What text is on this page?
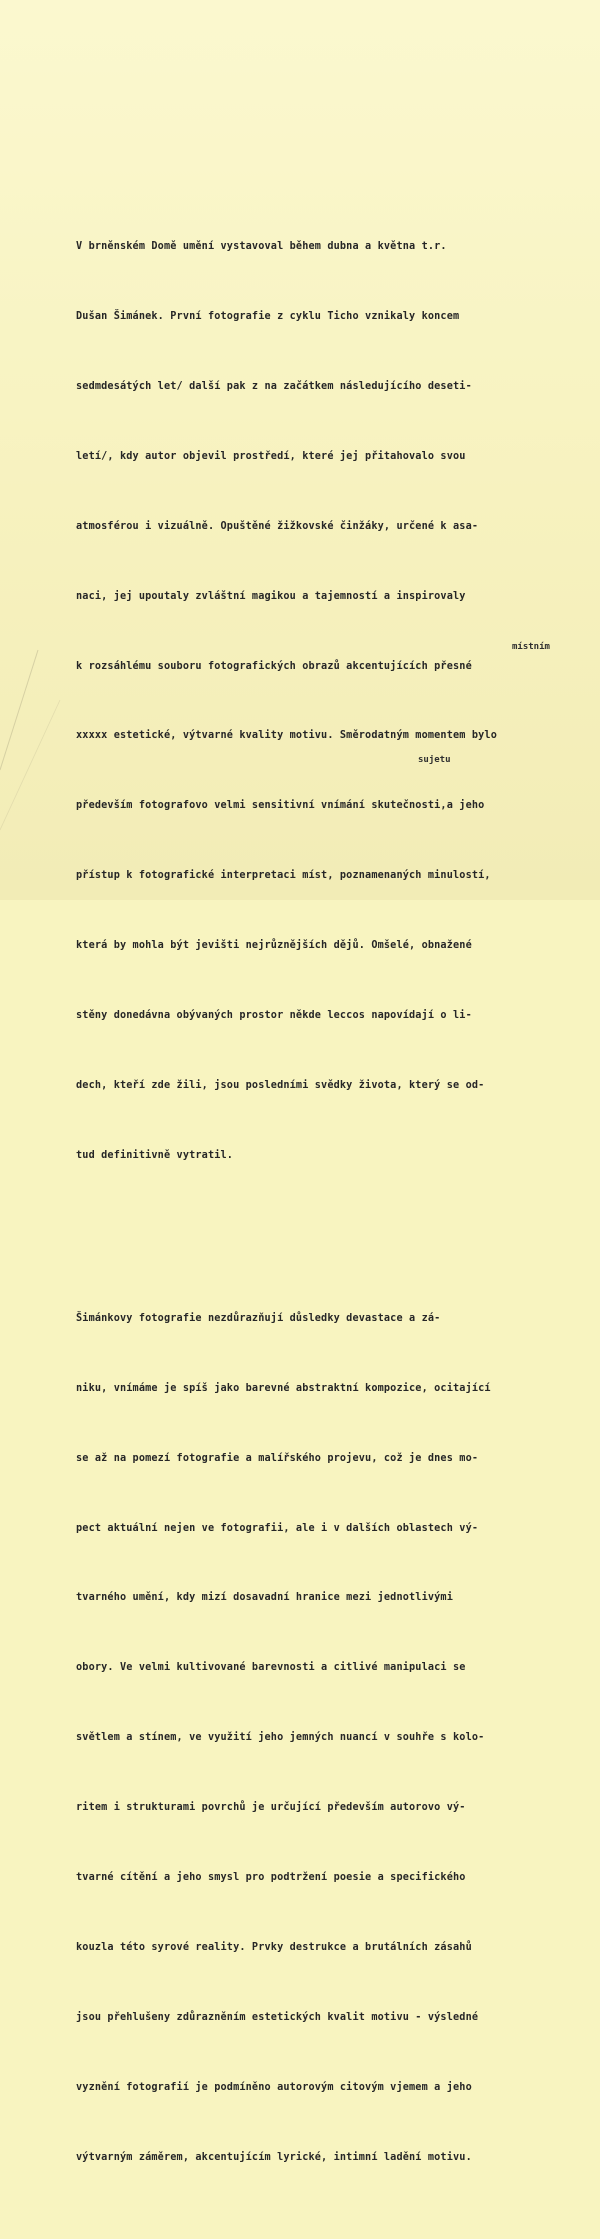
V brněnském Domě umění vystavoval během dubna a května t.r.

Dušan Šimánek. První fotografie z cyklu Ticho vznikaly koncem

sedmdesátých let/ další pak z na začátkem následujícího deseti-

letí/, kdy autor objevil prostředí, které jej přitahovalo svou

atmosférou i vizuálně. Opuštěné žižkovské činžáky, určené k asa-

naci, jej upoutaly zvláštní magikou a tajemností a inspirovaly

k rozsáhlému souboru fotografických obrazů akcentujících přesné

xxxxx estetické, výtvarné kvality motivu. Směrodatným momentem bylo

především fotografovo velmi sensitivní vnímání skutečnosti,a jeho

přístup k fotografické interpretaci míst, poznamenaných minulostí,

která by mohla být jevišti nejrůznějších dějů. Omšelé, obnažené

stěny donedávna obývaných prostor někde leccos napovídají o li-

dech, kteří zde žili, jsou posledními svědky života, který se od-

tud definitivně vytratil.

Šimánkovy fotografie nezdůrazňují důsledky devastace a zá-

niku, vnímáme je spíš jako barevné abstraktní kompozice, ocitající

se až na pomezí fotografie a malířského projevu, což je dnes mo-

pect aktuální nejen ve fotografii, ale i v dalších oblastech vý-

tvarného umění, kdy mizí dosavadní hranice mezi jednotlivými

obory. Ve velmi kultivované barevnosti a citlivé manipulaci se

světlem a stínem, ve využití jeho jemných nuancí v souhře s kolo-

ritem i strukturami povrchů je určující především autorovo vý-

tvarné cítění a jeho smysl pro podtržení poesie a specifického

kouzla této syrové reality. Prvky destrukce a brutálních zásahů

jsou přehlušeny zdůrazněním estetických kvalit motivu - výsledné

vyznění fotografií je podmíněno autorovým citovým vjemem a jeho

výtvarným záměrem, akcentujícím lyrické, intimní ladění motivu.

místním
sujetu
